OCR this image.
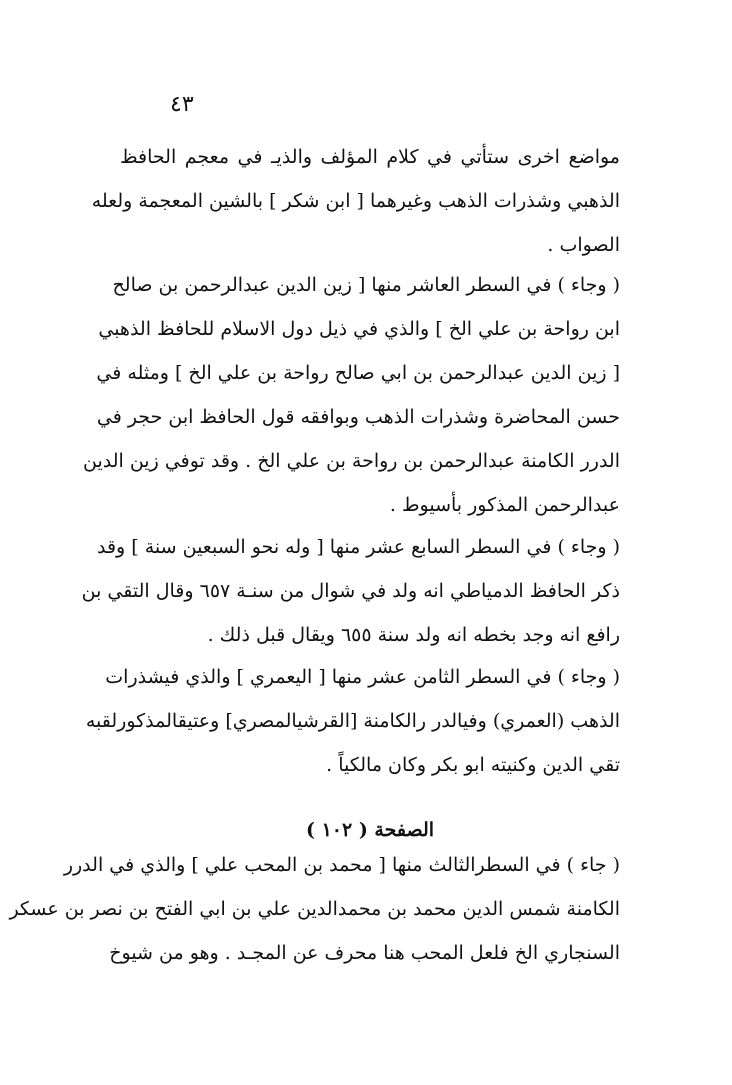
٤٣
مواضع اخرى ستأتي في كلام المؤلف والذيـ في معجم الحافظ
الذهبي وشذرات الذهب وغيرهما [ ابن شكر ] بالشين المعجمة ولعله
الصواب .
( وجاء ) في السطر العاشر منها [ زين الدين عبدالرحمن بن صالح
ابن رواحة بن علي الخ ] والذي في ذيل دول الاسلام للحافظ الذهبي
[ زين الدين عبدالرحمن بن ابي صالح رواحة بن علي الخ ] ومثله في
حسن المحاضرة وشذرات الذهب وبوافقه قول الحافظ ابن حجر في
الدرر الكامنة عبدالرحمن بن رواحة بن علي الخ . وقد توفي زين الدين
عبدالرحمن المذكور بأسيوط .
( وجاء ) في السطر السابع عشر منها [ وله نحو السبعين سنة ] وقد
ذكر الحافظ الدمياطي انه ولد في شوال من سنـة ٦٥٧ وقال التقي بن
رافع انه وجد بخطه انه ولد سنة ٦٥٥ ويقال قبل ذلك .
( وجاء ) في السطر الثامن عشر منها [ اليعمري ] والذي فيشذرات
الذهب (العمري) وفيالدر رالكامنة [القرشيالمصري] وعتيقالمذكورلقبه
تقي الدين وكنيته ابو بكر وكان مالكياً .
الصفحة ( ١٠٢ )
( جاء ) في السطرالثالث منها [ محمد بن المحب علي ] والذي في الدرر
الكامنة شمس الدين محمد بن محمدالدين علي بن ابي الفتح بن نصر بن عسكر
السنجاري الخ فلعل المحب هنا محرف عن المجـد . وهو من شيوخ
